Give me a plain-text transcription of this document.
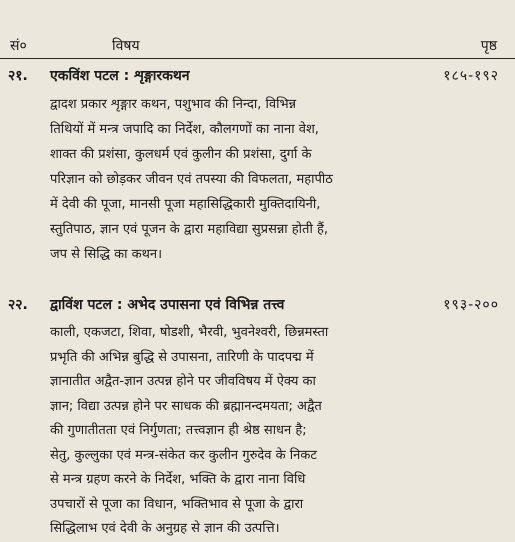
सं०	विषय	पृष्ठ
२१. एकविंश पटल : शृङ्गारकथन	१८५-१९२
द्वादश प्रकार शृङ्गार कथन, पशुभाव की निन्दा, विभिन्न
तिथियों में मन्त्र जपादि का निर्देश, कौलगणों का नाना वेश,
शाक्त की प्रशंसा, कुलधर्म एवं कुलीन की प्रशंसा, दुर्गा के
परिज्ञान को छोड़कर जीवन एवं तपस्या की विफलता, महापीठ
में देवी की पूजा, मानसी पूजा महासिद्धिकारी मुक्तिदायिनी,
स्तुतिपाठ, ज्ञान एवं पूजन के द्वारा महाविद्या सुप्रसन्ना होती हैं,
जप से सिद्धि का कथन।
२२. द्वाविंश पटल : अभेद उपासना एवं विभिन्न तत्त्व	१९३-२००
काली, एकजटा, शिवा, षोडशी, भैरवी, भुवनेश्वरी, छिन्नमस्ता
प्रभृति की अभिन्न बुद्धि से उपासना, तारिणी के पादपद्म में
ज्ञानातीत अद्वैत-ज्ञान उत्पन्न होने पर जीवविषय में ऐक्य का
ज्ञान; विद्या उत्पन्न होने पर साधक की ब्रह्मानन्दमयता; अद्वैत
की गुणातीतता एवं निर्गुणता; तत्त्वज्ञान ही श्रेष्ठ साधन है;
सेतु, कुल्लुका एवं मन्त्र-संकेत कर कुलीन गुरुदेव के निकट
से मन्त्र ग्रहण करने के निर्देश, भक्ति के द्वारा नाना विधि
उपचारों से पूजा का विधान, भक्तिभाव से पूजा के द्वारा
सिद्धिलाभ एवं देवी के अनुग्रह से ज्ञान की उत्पत्ति।
